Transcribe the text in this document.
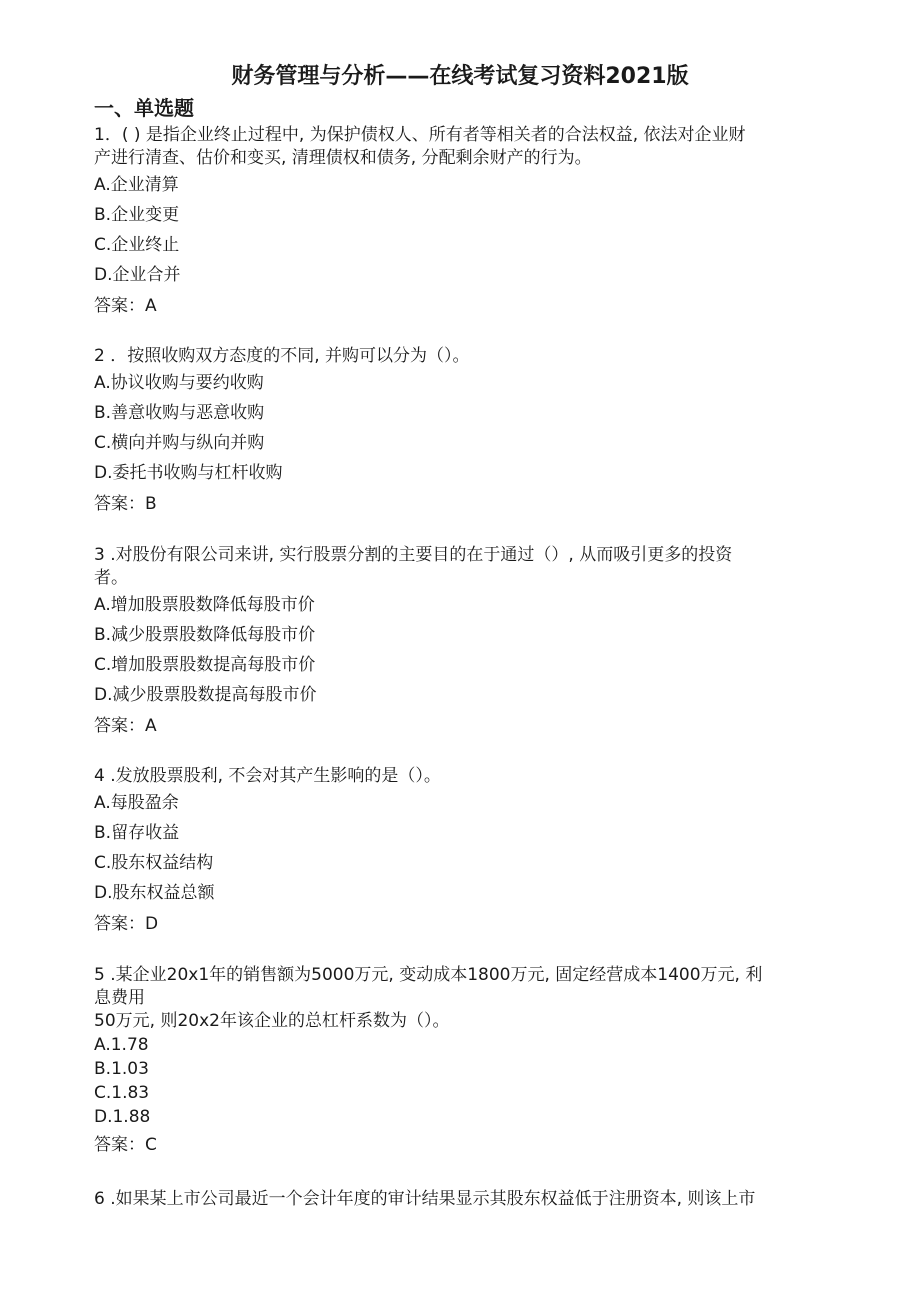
财务管理与分析——在线考试复习资料2021版
一、单选题

1．( ) 是指企业终止过程中, 为保护债权人、所有者等相关者的合法权益, 依法对企业财

产进行清查、估价和变买, 清理债权和债务, 分配剩余财产的行为。

A.企业清算

B.企业变更

C.企业终止

D.企业合并

答案：A

2 ．按照收购双方态度的不同, 并购可以分为（）。

A.协议收购与要约收购

B.善意收购与恶意收购

C.横向并购与纵向并购

D.委托书收购与杠杆收购

答案：B

3 .对股份有限公司来讲, 实行股票分割的主要目的在于通过（）, 从而吸引更多的投资

者。

A.增加股票股数降低每股市价

B.减少股票股数降低每股市价

C.增加股票股数提高每股市价

D.减少股票股数提高每股市价

答案：A

4 .发放股票股利, 不会对其产生影响的是（）。

A.每股盈余

B.留存收益

C.股东权益结构

D.股东权益总额

答案：D

5 .某企业20x1年的销售额为5000万元, 变动成本1800万元, 固定经营成本1400万元, 利

息费用

50万元, 则20x2年该企业的总杠杆系数为（）。

A.1.78

B.1.03

C.1.83

D.1.88

答案：C

6 .如果某上市公司最近一个会计年度的审计结果显示其股东权益低于注册资本, 则该上市
